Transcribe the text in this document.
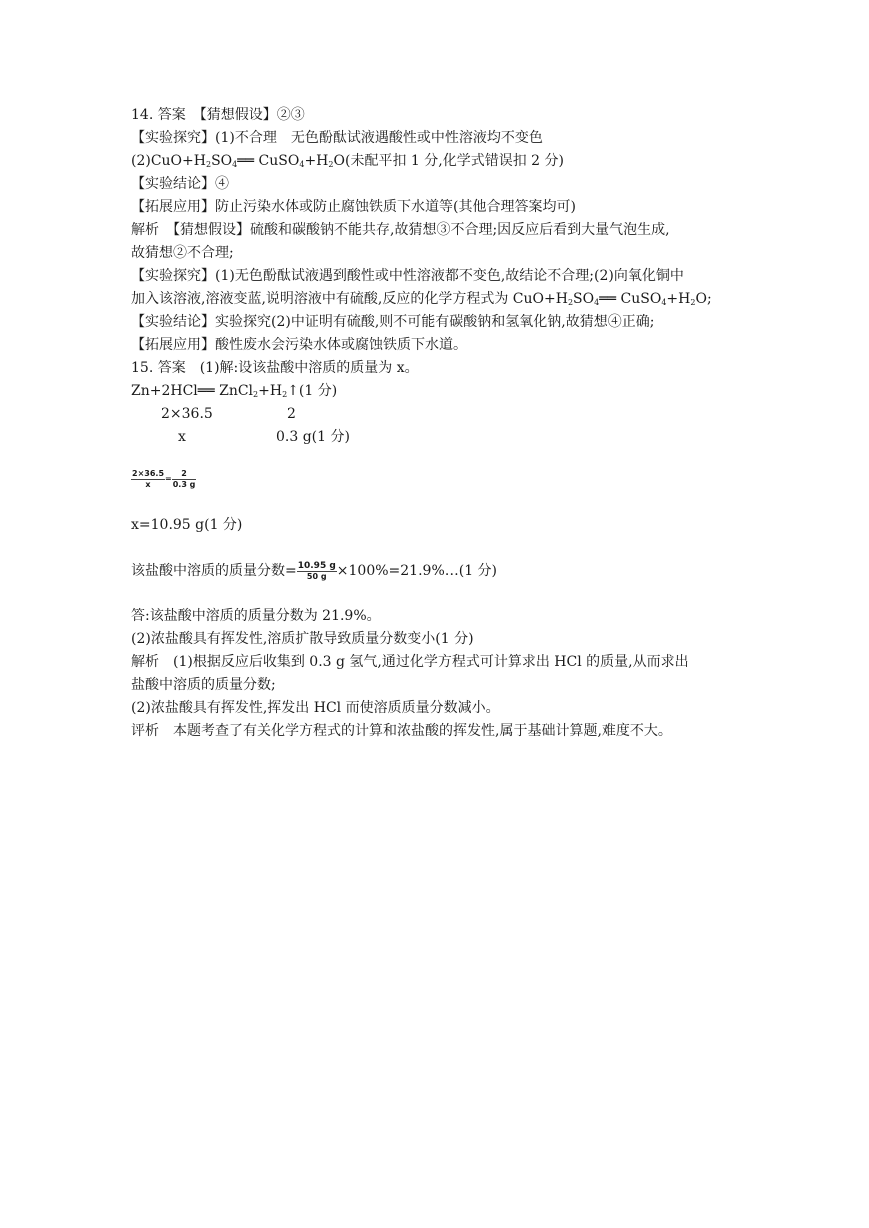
14. 答案　【猜想假设】②③
【实验探究】(1)不合理　无色酚酞试液遇酸性或中性溶液均不变色
$(2)CuO+H_2SO_4══$ $CuSO_4+H_2O$(未配平扣 1 分,化学式错误扣 2 分)
【实验结论】④
【拓展应用】防止污染水体或防止腐蚀铁质下水道等(其他合理答案均可)
解析　【猜想假设】硫酸和碳酸钠不能共存,故猜想③不合理;因反应后看到大量气泡生成,
故猜想②不合理;
【实验探究】(1)无色酚酞试液遇到酸性或中性溶液都不变色,故结论不合理;(2)向氧化铜中
加入该溶液,溶液变蓝,说明溶液中有硫酸,反应的化学方程式为 $CuO+H_2SO_4══$ $CuSO_4+H_2O$;
【实验结论】实验探究(2)中证明有硫酸,则不可能有碳酸钠和氢氧化钠,故猜想④正确;
【拓展应用】酸性废水会污染水体或腐蚀铁质下水道。
15. 答案　(1)解:设该盐酸中溶质的质量为 x。
Zn+2HCl══ $ZnCl_2+H_2↑(1$ 分)
2×36.5	2
x	0.3 g(1 分)
$\frac{2\times 36.5}{x} = \frac{2}{0.3 g}$
x=10.95 g(1 分)
该盐酸中溶质的质量分数= $\frac{10.95 g}{50 g}$ ×100%=21.9%…(1 分)
答:该盐酸中溶质的质量分数为 21.9%。
(2)浓盐酸具有挥发性,溶质扩散导致质量分数变小(1 分)
解析　(1)根据反应后收集到 0.3 g 氢气,通过化学方程式可计算求出 HCl 的质量,从而求出
盐酸中溶质的质量分数;
(2)浓盐酸具有挥发性,挥发出 HCl 而使溶质质量分数减小。
评析　本题考查了有关化学方程式的计算和浓盐酸的挥发性,属于基础计算题,难度不大。
